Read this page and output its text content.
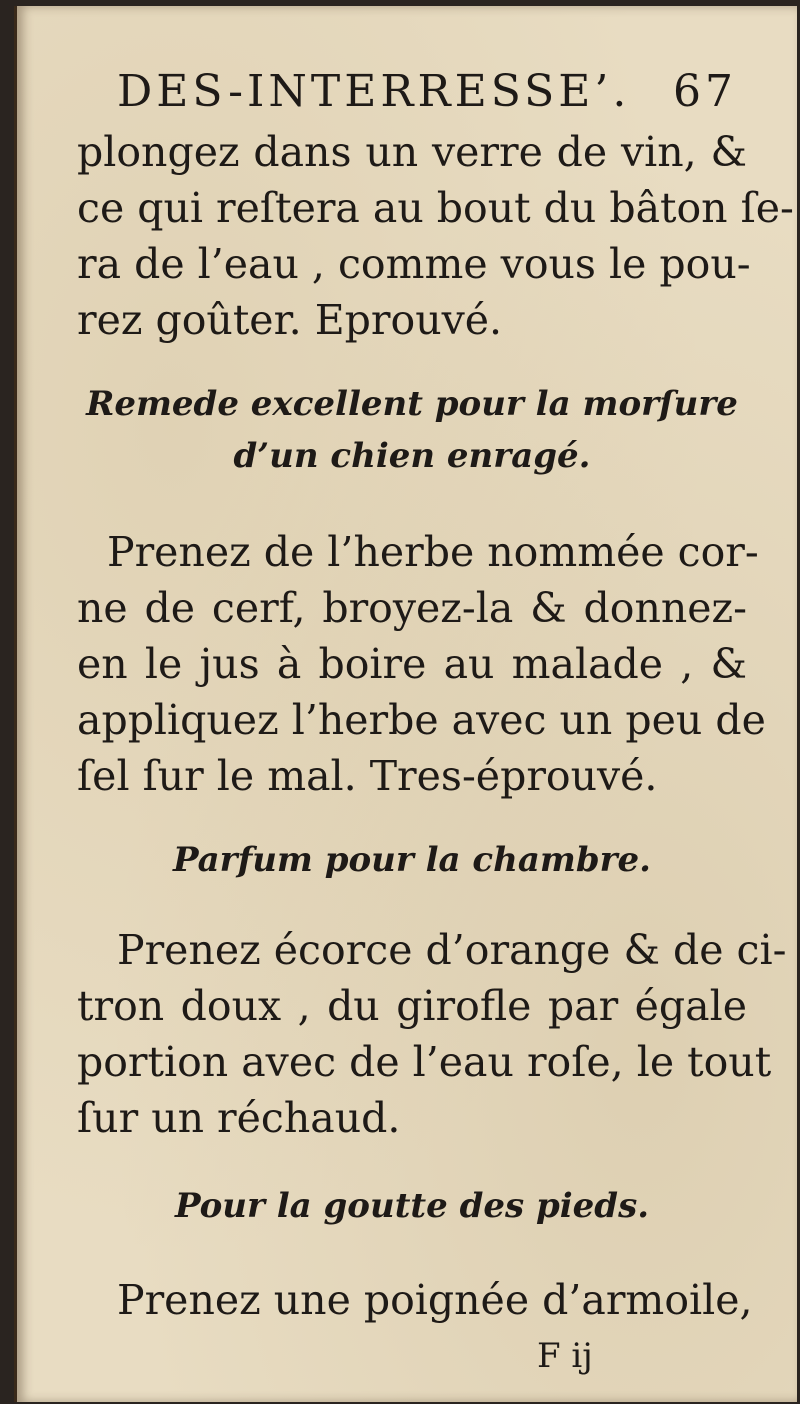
DES-INTERRESSE’. 67
plongez dans un verre de vin, &
ce qui reſtera au bout du bâton ſe-
ra de l’eau , comme vous le pou-
rez goûter. Eprouvé.
Remede excellent pour la morſure
d’un chien enragé.
Prenez de l’herbe nommée cor-
ne de cerf, broyez-la & donnez-
en le jus à boire au malade , &
appliquez l’herbe avec un peu de
ſel ſur le mal. Tres-éprouvé.
Parfum pour la chambre.
Prenez écorce d’orange & de ci-
tron doux , du girofle par égale
portion avec de l’eau roſe, le tout
ſur un réchaud.
Pour la goutte des pieds.
Prenez une poignée d’armoile,
F ij
